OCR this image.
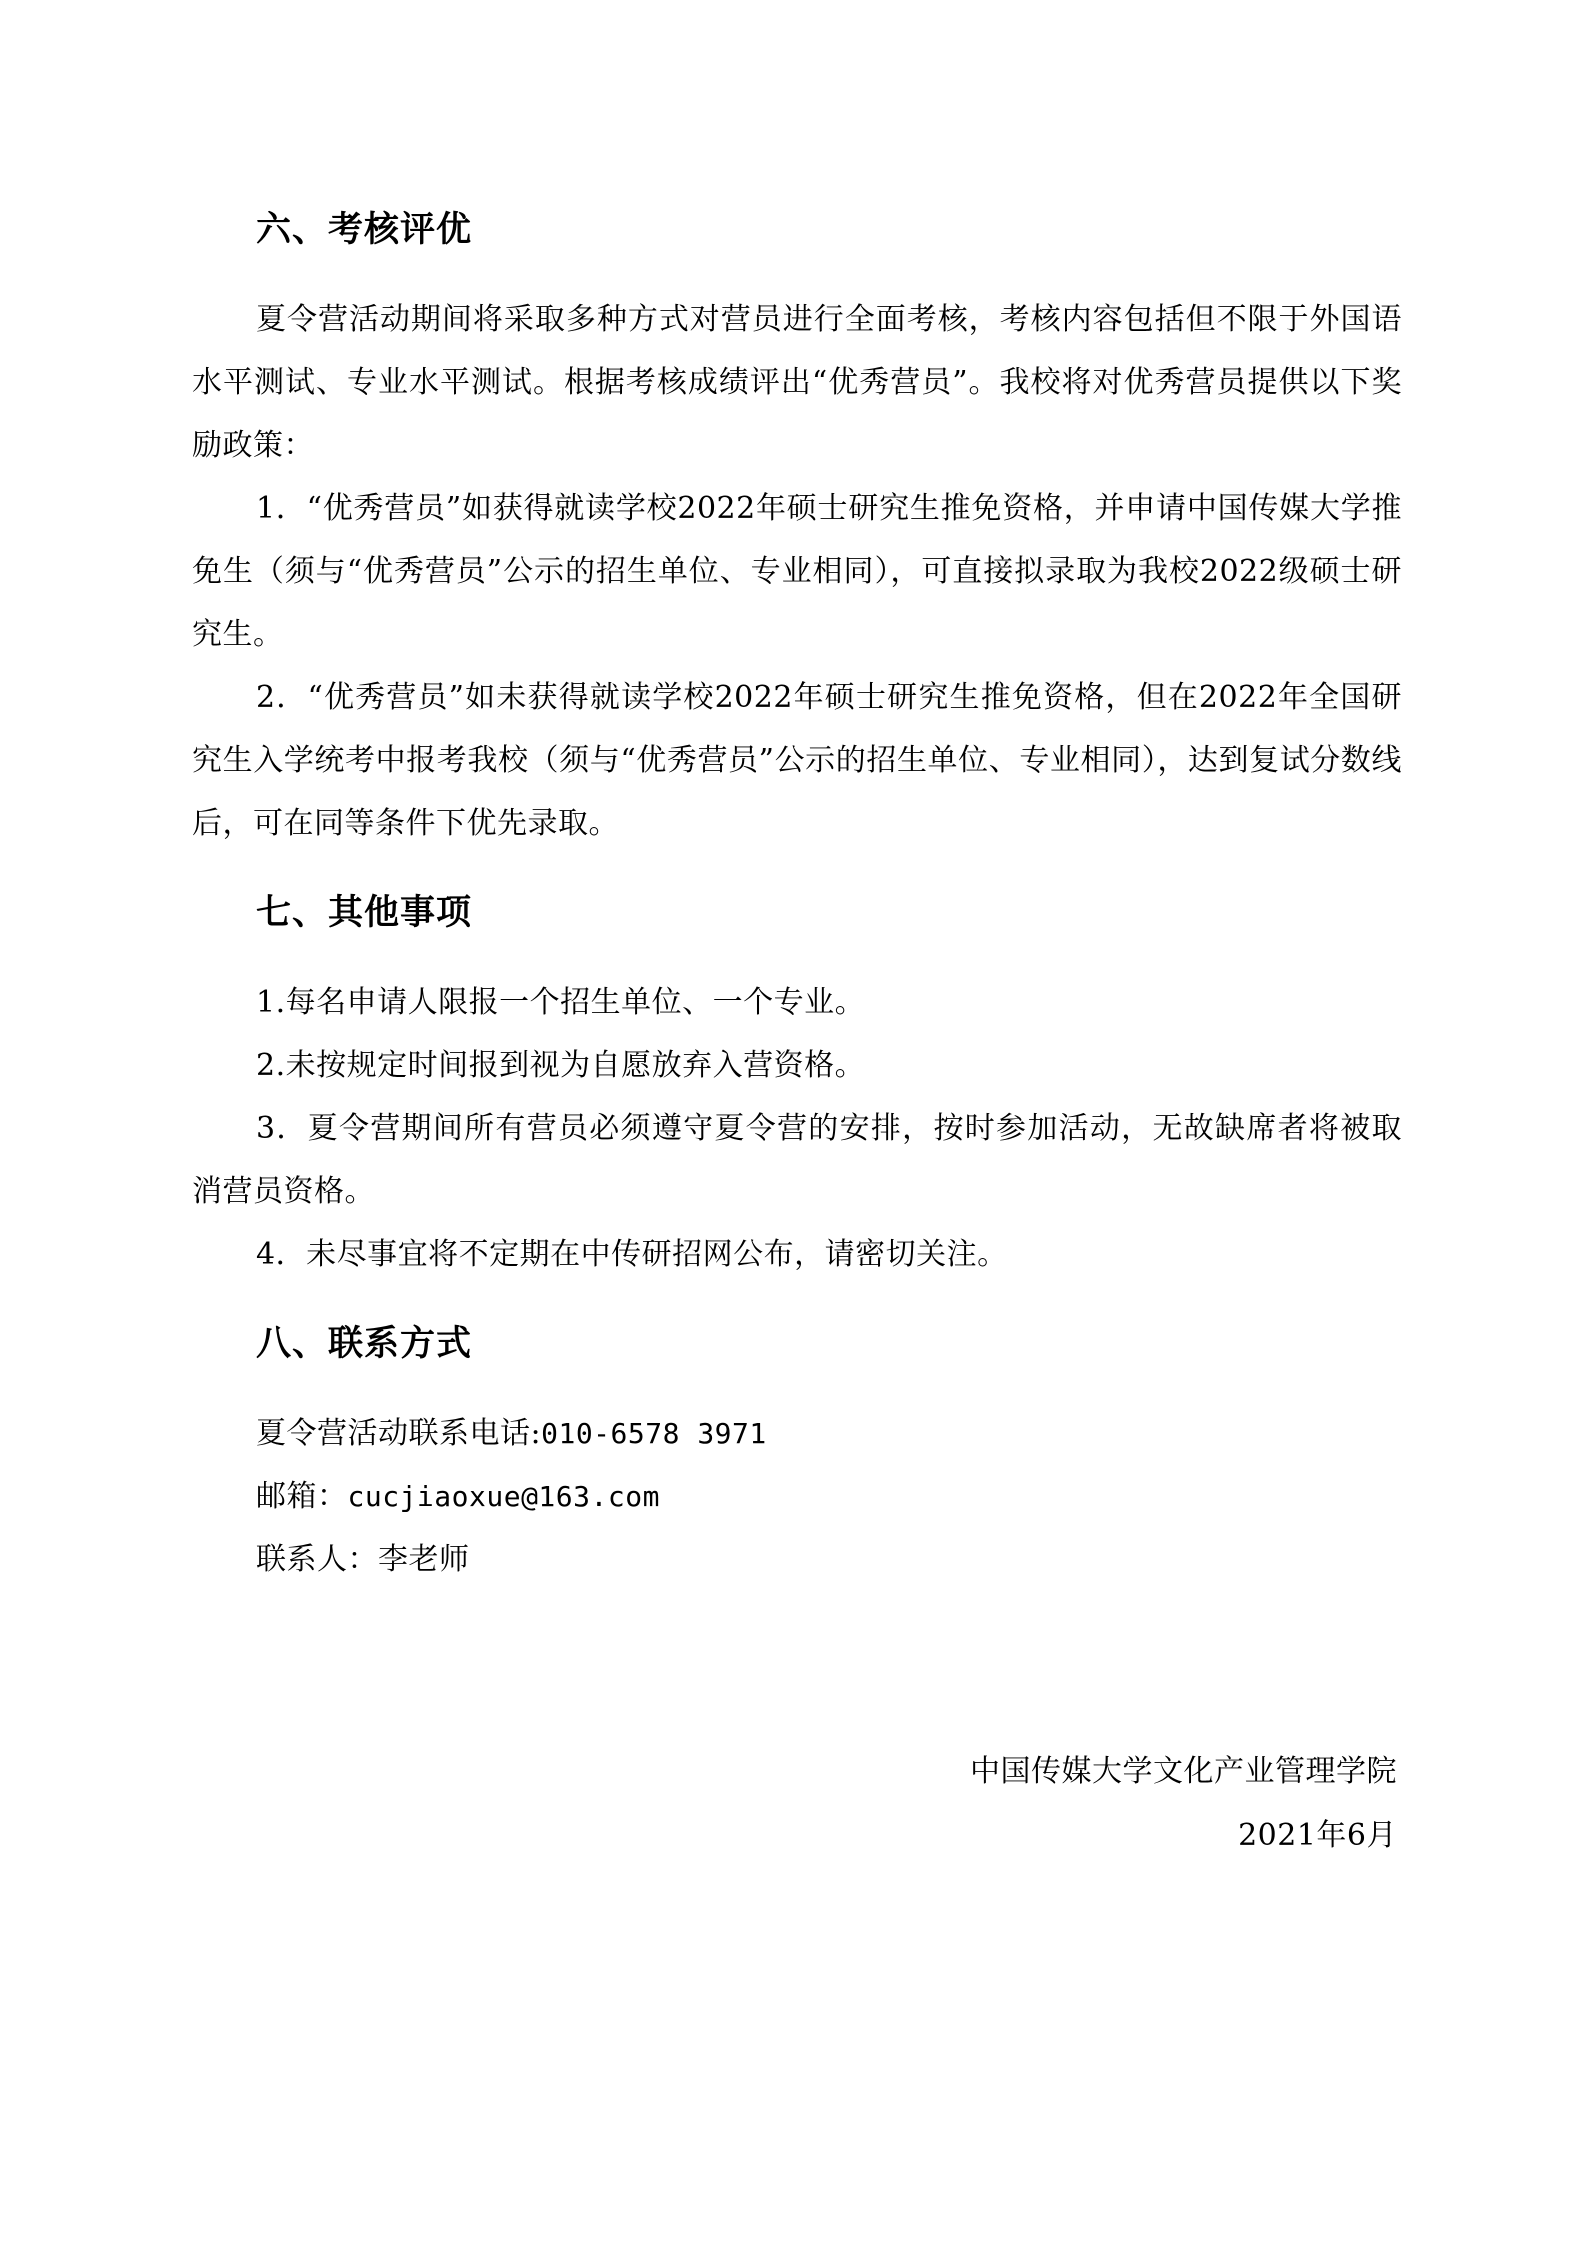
六、考核评优

夏令营活动期间将采取多种方式对营员进行全面考核，考核内容包括但不限于外国语水平测试、专业水平测试。根据考核成绩评出“优秀营员”。我校将对优秀营员提供以下奖励政策：

1．“优秀营员”如获得就读学校2022年硕士研究生推免资格，并申请中国传媒大学推免生（须与“优秀营员”公示的招生单位、专业相同），可直接拟录取为我校2022级硕士研究生。

2．“优秀营员”如未获得就读学校2022年硕士研究生推免资格，但在2022年全国研究生入学统考中报考我校（须与“优秀营员”公示的招生单位、专业相同），达到复试分数线后，可在同等条件下优先录取。

七、其他事项

1.每名申请人限报一个招生单位、一个专业。

2.未按规定时间报到视为自愿放弃入营资格。

3．夏令营期间所有营员必须遵守夏令营的安排，按时参加活动，无故缺席者将被取消营员资格。

4．未尽事宜将不定期在中传研招网公布，请密切关注。

八、联系方式

夏令营活动联系电话:010-6578 3971

邮箱：cucjiaoxue@163.com

联系人：李老师

中国传媒大学文化产业管理学院
2021年6月
